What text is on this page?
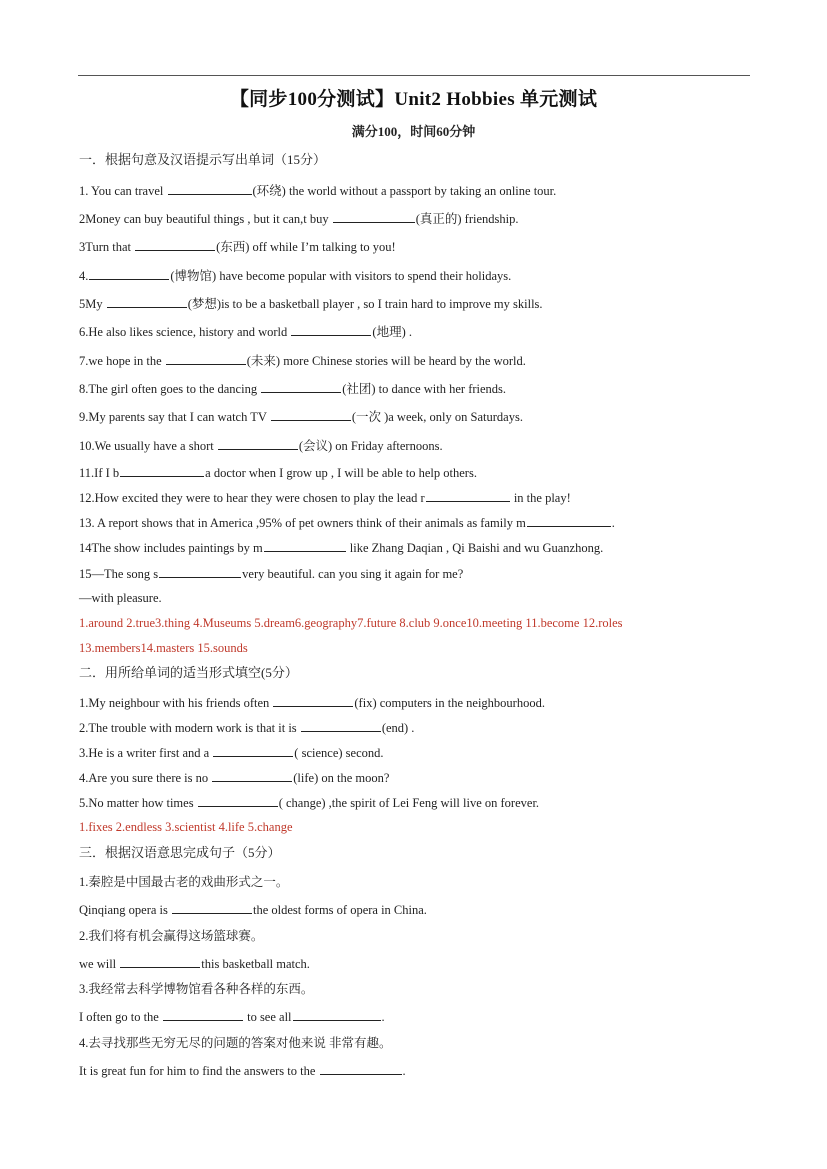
【同步100分测试】Unit2 Hobbies 单元测试
满分100，时间60分钟
一．根据句意及汉语提示写出单词（15分）
1. You can travel	(环绕) the world without a passport by taking an online tour.
2Money can buy beautiful things , but it can,t buy	(真正的) friendship.
3Turn that	(东西) off while I’m talking to you!
4.	(博物馆) have become popular with visitors to spend their holidays.
5My	(梦想)is to be a basketball player , so I train hard to improve my skills.
6.He also likes science, history and world	(地理) .
7.we hope in the	(未来) more Chinese stories will be heard by the world.
8.The girl often goes to the dancing	(社团) to dance with her friends.
9.My parents say that I can watch TV	(一次 )a week, only on Saturdays.
10.We usually have a short	(会议) on Friday afternoons.
11.If I b	a doctor when I grow up , I will be able to help others.
12.How excited they were to hear they were chosen to play the lead r	in the play!
13. A report shows that in America ,95% of pet owners think of their animals as family m	.
14The show includes paintings by m	like Zhang Daqian , Qi Baishi and wu Guanzhong.
15—The song s	very beautiful. can you sing it again for me?
—with pleasure.
1.around 2.true3.thing 4.Museums 5.dream6.geography7.future 8.club 9.once10.meeting 11.become 12.roles
13.members14.masters 15.sounds
二．用所给单词的适当形式填空(5分）
1.My neighbour with his friends often	(fix) computers in the neighbourhood.
2.The trouble with modern work is that it is	(end) .
3.He is a writer first and a	( science) second.
4.Are you sure there is no	(life) on the moon?
5.No matter how times	( change) ,the spirit of Lei Feng will live on forever.
1.fixes 2.endless 3.scientist 4.life 5.change
三．根据汉语意思完成句子（5分）
1.秦腔是中国最古老的戏曲形式之一。
Qinqiang opera is	the oldest forms of opera in China.
2.我们将有机会赢得这场篮球赛。
we will	this basketball match.
3.我经常去科学博物馆看各种各样的东西。
I often go to the	to see all	.
4.去寻找那些无穷无尽的问题的答案对他来说 非常有趣。
It is great fun for him to find the answers to the	.
